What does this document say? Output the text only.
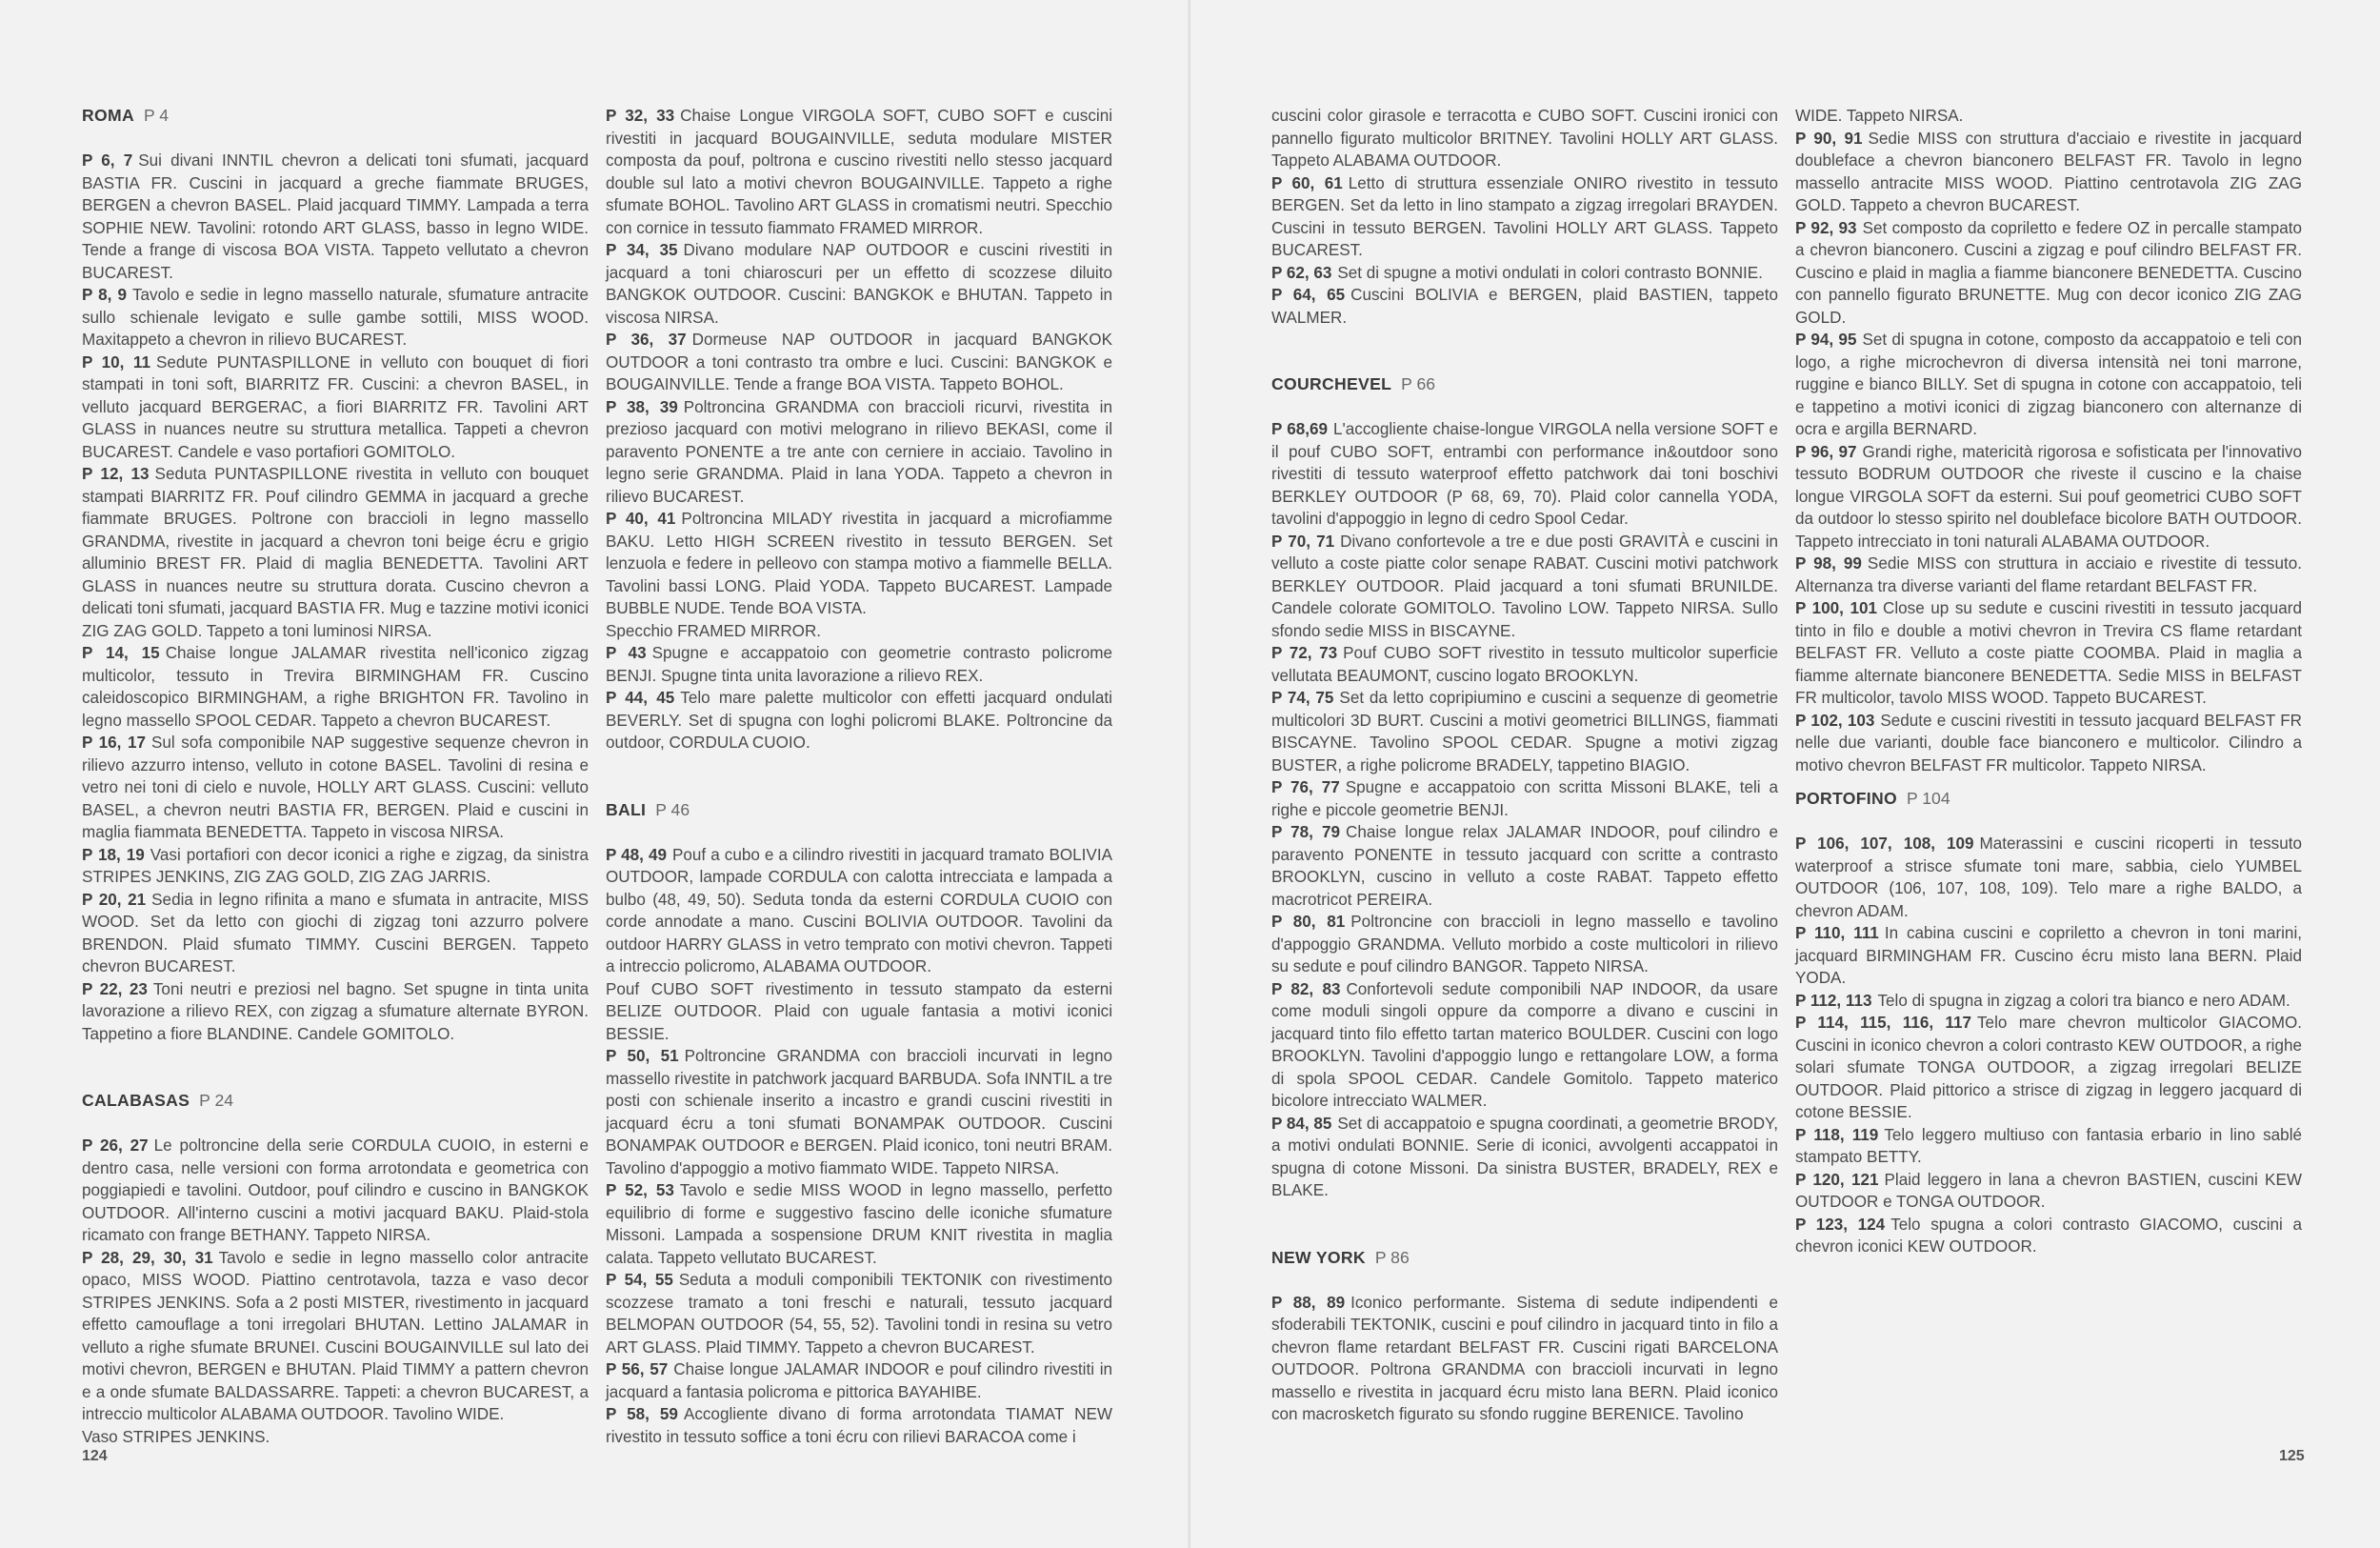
ROMA P 4
P 6, 7 Sui divani INNTIL chevron a delicati toni sfumati, jacquard BASTIA FR. Cuscini in jacquard a greche fiammate BRUGES, BERGEN a chevron BASEL. Plaid jacquard TIMMY. Lampada a terra SOPHIE NEW. Tavolini: rotondo ART GLASS, basso in legno WIDE. Tende a frange di viscosa BOA VISTA. Tappeto vellutato a chevron BUCAREST.
P 8, 9 Tavolo e sedie in legno massello naturale, sfumature antracite sullo schienale levigato e sulle gambe sottili, MISS WOOD. Maxitappeto a chevron in rilievo BUCAREST.
P 10, 11 Sedute PUNTASPILLONE in velluto con bouquet di fiori stampati in toni soft, BIARRITZ FR. Cuscini: a chevron BASEL, in velluto jacquard BERGERAC, a fiori BIARRITZ FR. Tavolini ART GLASS in nuances neutre su struttura metallica. Tappeti a chevron BUCAREST. Candele e vaso portafiori GOMITOLO.
P 12, 13 Seduta PUNTASPILLONE rivestita in velluto con bouquet stampati BIARRITZ FR. Pouf cilindro GEMMA in jacquard a greche fiammate BRUGES. Poltrone con braccioli in legno massello GRANDMA, rivestite in jacquard a chevron toni beige écru e grigio alluminio BREST FR. Plaid di maglia BENEDETTA. Tavolini ART GLASS in nuances neutre su struttura dorata. Cuscino chevron a delicati toni sfumati, jacquard BASTIA FR. Mug e tazzine motivi iconici ZIG ZAG GOLD. Tappeto a toni luminosi NIRSA.
P 14, 15 Chaise longue JALAMAR rivestita nell'iconico zigzag multicolor, tessuto in Trevira BIRMINGHAM FR. Cuscino caleidoscopico BIRMINGHAM, a righe BRIGHTON FR. Tavolino in legno massello SPOOL CEDAR. Tappeto a chevron BUCAREST.
P 16, 17 Sul sofa componibile NAP suggestive sequenze chevron in rilievo azzurro intenso, velluto in cotone BASEL. Tavolini di resina e vetro nei toni di cielo e nuvole, HOLLY ART GLASS. Cuscini: velluto BASEL, a chevron neutri BASTIA FR, BERGEN. Plaid e cuscini in maglia fiammata BENEDETTA. Tappeto in viscosa NIRSA.
P 18, 19 Vasi portafiori con decor iconici a righe e zigzag, da sinistra STRIPES JENKINS, ZIG ZAG GOLD, ZIG ZAG JARRIS.
P 20, 21 Sedia in legno rifinita a mano e sfumata in antracite, MISS WOOD. Set da letto con giochi di zigzag toni azzurro polvere BRENDON. Plaid sfumato TIMMY. Cuscini BERGEN. Tappeto chevron BUCAREST.
P 22, 23 Toni neutri e preziosi nel bagno. Set spugne in tinta unita lavorazione a rilievo REX, con zigzag a sfumature alternate BYRON. Tappetino a fiore BLANDINE. Candele GOMITOLO.
CALABASAS P 24
P 26, 27 Le poltroncine della serie CORDULA CUOIO, in esterni e dentro casa, nelle versioni con forma arrotondata e geometrica con poggiapiedi e tavolini. Outdoor, pouf cilindro e cuscino in BANGKOK OUTDOOR. All'interno cuscini a motivi jacquard BAKU. Plaid-stola ricamato con frange BETHANY. Tappeto NIRSA.
P 28, 29, 30, 31 Tavolo e sedie in legno massello color antracite opaco, MISS WOOD. Piattino centrotavola, tazza e vaso decor STRIPES JENKINS. Sofa a 2 posti MISTER, rivestimento in jacquard effetto camouflage a toni irregolari BHUTAN. Lettino JALAMAR in velluto a righe sfumate BRUNEI. Cuscini BOUGAINVILLE sul lato dei motivi chevron, BERGEN e BHUTAN. Plaid TIMMY a pattern chevron e a onde sfumate BALDASSARRE. Tappeti: a chevron BUCAREST, a intreccio multicolor ALABAMA OUTDOOR. Tavolino WIDE.
Vaso STRIPES JENKINS.
P 32, 33 Chaise Longue VIRGOLA SOFT, CUBO SOFT e cuscini rivestiti in jacquard BOUGAINVILLE, seduta modulare MISTER composta da pouf, poltrona e cuscino rivestiti nello stesso jacquard double sul lato a motivi chevron BOUGAINVILLE. Tappeto a righe sfumate BOHOL. Tavolino ART GLASS in cromatismi neutri. Specchio con cornice in tessuto fiammato FRAMED MIRROR.
P 34, 35 Divano modulare NAP OUTDOOR e cuscini rivestiti in jacquard a toni chiaroscuri per un effetto di scozzese diluito BANGKOK OUTDOOR. Cuscini: BANGKOK e BHUTAN. Tappeto in viscosa NIRSA.
P 36, 37 Dormeuse NAP OUTDOOR in jacquard BANGKOK OUTDOOR a toni contrasto tra ombre e luci. Cuscini: BANGKOK e BOUGAINVILLE. Tende a frange BOA VISTA. Tappeto BOHOL.
P 38, 39 Poltroncina GRANDMA con braccioli ricurvi, rivestita in prezioso jacquard con motivi melograno in rilievo BEKASI, come il paravento PONENTE a tre ante con cerniere in acciaio. Tavolino in legno serie GRANDMA. Plaid in lana YODA. Tappeto a chevron in rilievo BUCAREST.
P 40, 41 Poltroncina MILADY rivestita in jacquard a microfiamme BAKU. Letto HIGH SCREEN rivestito in tessuto BERGEN. Set lenzuola e federe in pelleovo con stampa motivo a fiammelle BELLA. Tavolini bassi LONG. Plaid YODA. Tappeto BUCAREST. Lampade BUBBLE NUDE. Tende BOA VISTA.
Specchio FRAMED MIRROR.
P 43 Spugne e accappatoio con geometrie contrasto policrome BENJI. Spugne tinta unita lavorazione a rilievo REX.
P 44, 45 Telo mare palette multicolor con effetti jacquard ondulati BEVERLY. Set di spugna con loghi policromi BLAKE. Poltroncine da outdoor, CORDULA CUOIO.
BALI P 46
P 48, 49 Pouf a cubo e a cilindro rivestiti in jacquard tramato BOLIVIA OUTDOOR, lampade CORDULA con calotta intrecciata e lampada a bulbo (48, 49, 50). Seduta tonda da esterni CORDULA CUOIO con corde annodate a mano. Cuscini BOLIVIA OUTDOOR. Tavolini da outdoor HARRY GLASS in vetro temprato con motivi chevron. Tappeti a intreccio policromo, ALABAMA OUTDOOR.
Pouf CUBO SOFT rivestimento in tessuto stampato da esterni BELIZE OUTDOOR. Plaid con uguale fantasia a motivi iconici BESSIE.
P 50, 51 Poltroncine GRANDMA con braccioli incurvati in legno massello rivestite in patchwork jacquard BARBUDA. Sofa INNTIL a tre posti con schienale inserito a incastro e grandi cuscini rivestiti in jacquard écru a toni sfumati BONAMPAK OUTDOOR. Cuscini BONAMPAK OUTDOOR e BERGEN. Plaid iconico, toni neutri BRAM. Tavolino d'appoggio a motivo fiammato WIDE. Tappeto NIRSA.
P 52, 53 Tavolo e sedie MISS WOOD in legno massello, perfetto equilibrio di forme e suggestivo fascino delle iconiche sfumature Missoni. Lampada a sospensione DRUM KNIT rivestita in maglia calata. Tappeto vellutato BUCAREST.
P 54, 55 Seduta a moduli componibili TEKTONIK con rivestimento scozzese tramato a toni freschi e naturali, tessuto jacquard BELMOPAN OUTDOOR (54, 55, 52). Tavolini tondi in resina su vetro ART GLASS. Plaid TIMMY. Tappeto a chevron BUCAREST.
P 56, 57 Chaise longue JALAMAR INDOOR e pouf cilindro rivestiti in jacquard a fantasia policroma e pittorica BAYAHIBE.
P 58, 59 Accogliente divano di forma arrotondata TIAMAT NEW rivestito in tessuto soffice a toni écru con rilievi BARACOA come i
124
cuscini color girasole e terracotta e CUBO SOFT. Cuscini ironici con pannello figurato multicolor BRITNEY. Tavolini HOLLY ART GLASS. Tappeto ALABAMA OUTDOOR.
P 60, 61 Letto di struttura essenziale ONIRO rivestito in tessuto BERGEN. Set da letto in lino stampato a zigzag irregolari BRAYDEN. Cuscini in tessuto BERGEN. Tavolini HOLLY ART GLASS. Tappeto BUCAREST.
P 62, 63 Set di spugne a motivi ondulati in colori contrasto BONNIE.
P 64, 65 Cuscini BOLIVIA e BERGEN, plaid BASTIEN, tappeto WALMER.
COURCHEVEL P 66
P 68,69 L'accogliente chaise-longue VIRGOLA nella versione SOFT e il pouf CUBO SOFT, entrambi con performance in&outdoor sono rivestiti di tessuto waterproof effetto patchwork dai toni boschivi BERKLEY OUTDOOR (P 68, 69, 70). Plaid color cannella YODA, tavolini d'appoggio in legno di cedro Spool Cedar.
P 70, 71 Divano confortevole a tre e due posti GRAVITÀ e cuscini in velluto a coste piatte color senape RABAT. Cuscini motivi patchwork BERKLEY OUTDOOR. Plaid jacquard a toni sfumati BRUNILDE. Candele colorate GOMITOLO. Tavolino LOW. Tappeto NIRSA. Sullo sfondo sedie MISS in BISCAYNE.
P 72, 73 Pouf CUBO SOFT rivestito in tessuto multicolor superficie vellutata BEAUMONT, cuscino logato BROOKLYN.
P 74, 75 Set da letto copripiumino e cuscini a sequenze di geometrie multicolori 3D BURT. Cuscini a motivi geometrici BILLINGS, fiammati BISCAYNE. Tavolino SPOOL CEDAR. Spugne a motivi zigzag BUSTER, a righe policrome BRADELY, tappetino BIAGIO.
P 76, 77 Spugne e accappatoio con scritta Missoni BLAKE, teli a righe e piccole geometrie BENJI.
P 78, 79 Chaise longue relax JALAMAR INDOOR, pouf cilindro e paravento PONENTE in tessuto jacquard con scritte a contrasto BROOKLYN, cuscino in velluto a coste RABAT. Tappeto effetto macrotricot PEREIRA.
P 80, 81 Poltroncine con braccioli in legno massello e tavolino d'appoggio GRANDMA. Velluto morbido a coste multicolori in rilievo su sedute e pouf cilindro BANGOR. Tappeto NIRSA.
P 82, 83 Confortevoli sedute componibili NAP INDOOR, da usare come moduli singoli oppure da comporre a divano e cuscini in jacquard tinto filo effetto tartan materico BOULDER. Cuscini con logo BROOKLYN. Tavolini d'appoggio lungo e rettangolare LOW, a forma di spola SPOOL CEDAR. Candele Gomitolo. Tappeto materico bicolore intrecciato WALMER.
P 84, 85 Set di accappatoio e spugna coordinati, a geometrie BRODY, a motivi ondulati BONNIE. Serie di iconici, avvolgenti accappatoi in spugna di cotone Missoni. Da sinistra BUSTER, BRADELY, REX e BLAKE.
NEW YORK P 86
P 88, 89 Iconico performante. Sistema di sedute indipendenti e sfoderabili TEKTONIK, cuscini e pouf cilindro in jacquard tinto in filo a chevron flame retardant BELFAST FR. Cuscini rigati BARCELONA OUTDOOR. Poltrona GRANDMA con braccioli incurvati in legno massello e rivestita in jacquard écru misto lana BERN. Plaid iconico con macrosketch figurato su sfondo ruggine BERENICE. Tavolino
WIDE. Tappeto NIRSA.
P 90, 91 Sedie MISS con struttura d'acciaio e rivestite in jacquard doubleface a chevron bianconero BELFAST FR. Tavolo in legno massello antracite MISS WOOD. Piattino centrotavola ZIG ZAG GOLD. Tappeto a chevron BUCAREST.
P 92, 93 Set composto da copriletto e federe OZ in percalle stampato a chevron bianconero. Cuscini a zigzag e pouf cilindro BELFAST FR. Cuscino e plaid in maglia a fiamme bianconere BENEDETTA. Cuscino con pannello figurato BRUNETTE. Mug con decor iconico ZIG ZAG GOLD.
P 94, 95 Set di spugna in cotone, composto da accappatoio e teli con logo, a righe microchevron di diversa intensità nei toni marrone, ruggine e bianco BILLY. Set di spugna in cotone con accappatoio, teli e tappetino a motivi iconici di zigzag bianconero con alternanze di ocra e argilla BERNARD.
P 96, 97 Grandi righe, matericità rigorosa e sofisticata per l'innovativo tessuto BODRUM OUTDOOR che riveste il cuscino e la chaise longue VIRGOLA SOFT da esterni. Sui pouf geometrici CUBO SOFT da outdoor lo stesso spirito nel doubleface bicolore BATH OUTDOOR. Tappeto intrecciato in toni naturali ALABAMA OUTDOOR.
P 98, 99 Sedie MISS con struttura in acciaio e rivestite di tessuto. Alternanza tra diverse varianti del flame retardant BELFAST FR.
P 100, 101 Close up su sedute e cuscini rivestiti in tessuto jacquard tinto in filo e double a motivi chevron in Trevira CS flame retardant BELFAST FR. Velluto a coste piatte COOMBA. Plaid in maglia a fiamme alternate bianconere BENEDETTA. Sedie MISS in BELFAST FR multicolor, tavolo MISS WOOD. Tappeto BUCAREST.
P 102, 103 Sedute e cuscini rivestiti in tessuto jacquard BELFAST FR nelle due varianti, double face bianconero e multicolor. Cilindro a motivo chevron BELFAST FR multicolor. Tappeto NIRSA.
PORTOFINO P 104
P 106, 107, 108, 109 Materassini e cuscini ricoperti in tessuto waterproof a strisce sfumate toni mare, sabbia, cielo YUMBEL OUTDOOR (106, 107, 108, 109). Telo mare a righe BALDO, a chevron ADAM.
P 110, 111 In cabina cuscini e copriletto a chevron in toni marini, jacquard BIRMINGHAM FR. Cuscino écru misto lana BERN. Plaid YODA.
P 112, 113 Telo di spugna in zigzag a colori tra bianco e nero ADAM.
P 114, 115, 116, 117 Telo mare chevron multicolor GIACOMO. Cuscini in iconico chevron a colori contrasto KEW OUTDOOR, a righe solari sfumate TONGA OUTDOOR, a zigzag irregolari BELIZE OUTDOOR. Plaid pittorico a strisce di zigzag in leggero jacquard di cotone BESSIE.
P 118, 119 Telo leggero multiuso con fantasia erbario in lino sablé stampato BETTY.
P 120, 121 Plaid leggero in lana a chevron BASTIEN, cuscini KEW OUTDOOR e TONGA OUTDOOR.
P 123, 124 Telo spugna a colori contrasto GIACOMO, cuscini a chevron iconici KEW OUTDOOR.
125
